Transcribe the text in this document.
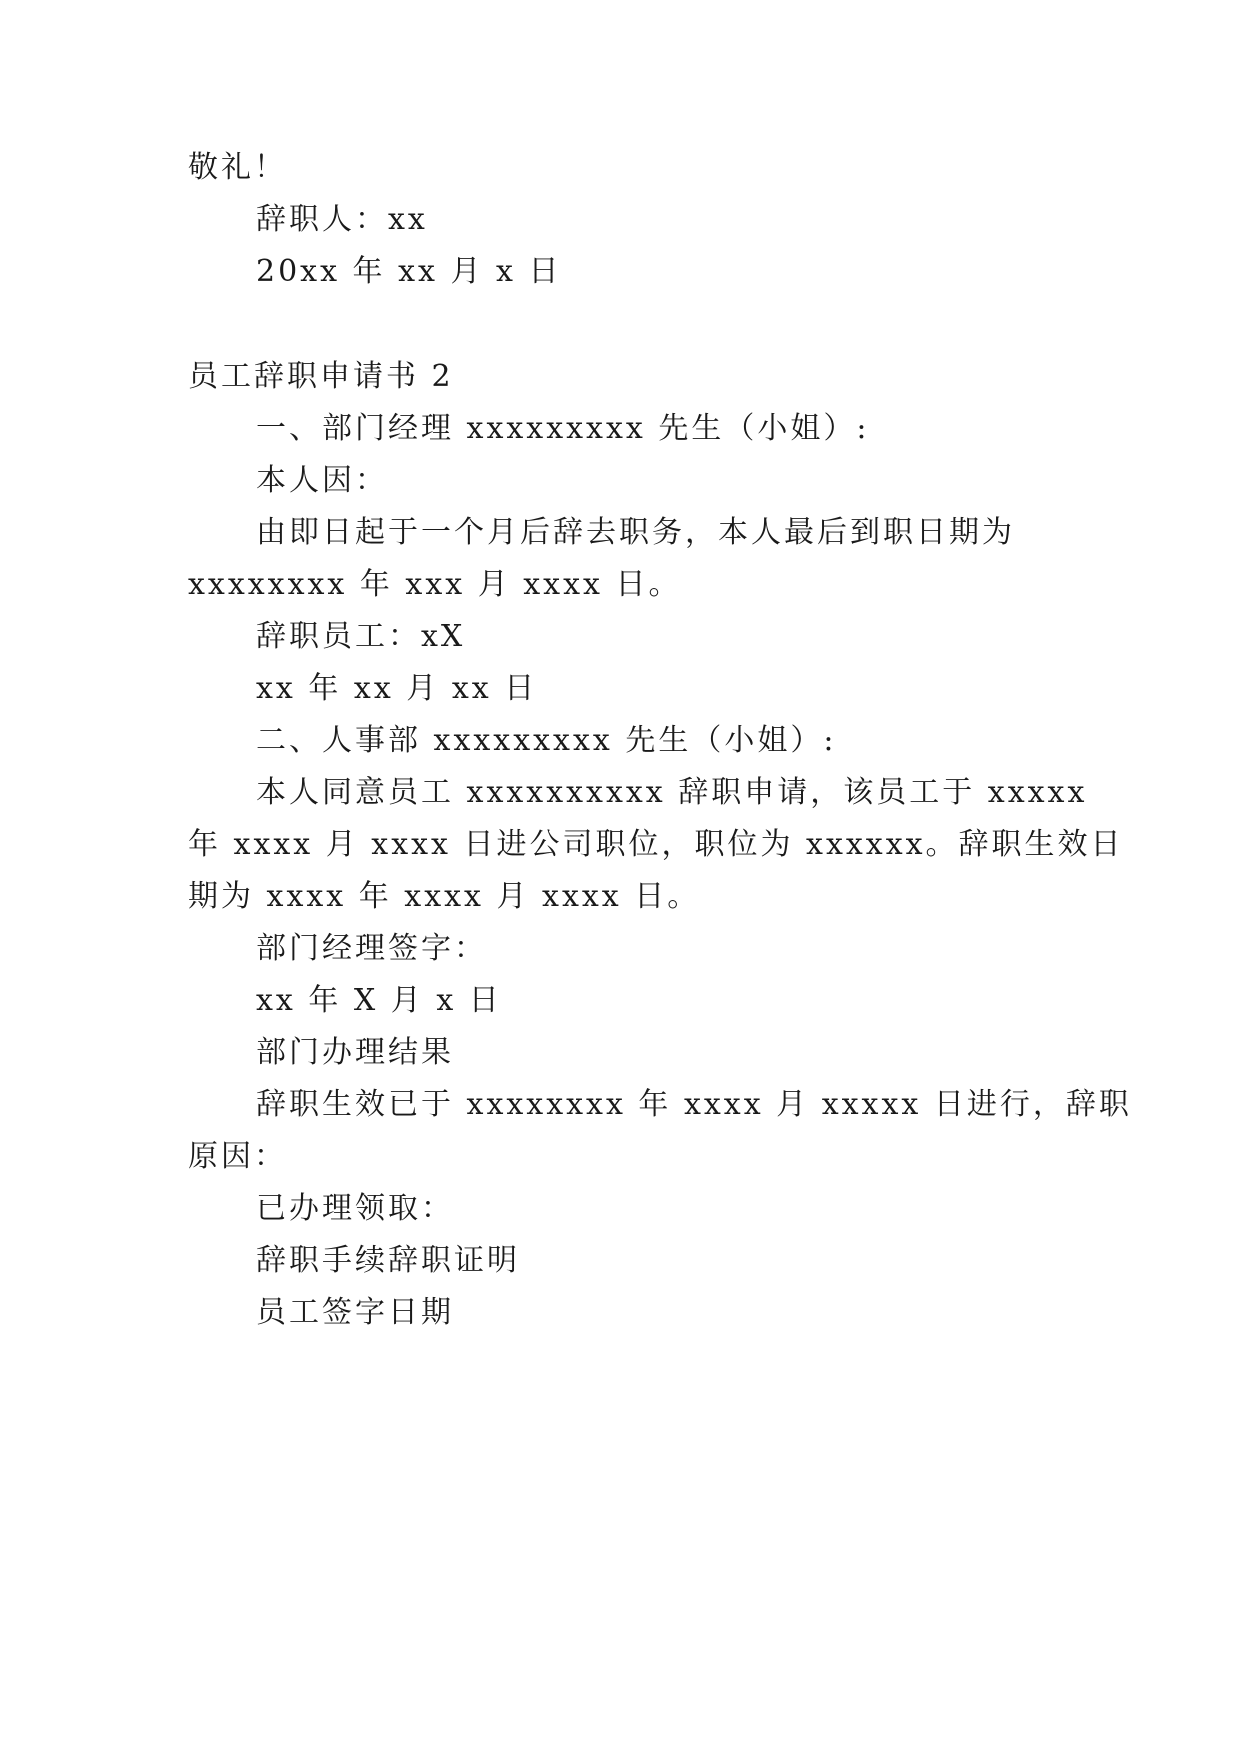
敬礼！
辞职人：xx
20xx 年 xx 月 x 日
员工辞职申请书 2
一、部门经理 xxxxxxxxx 先生（小姐）:
本人因：
由即日起于一个月后辞去职务，本人最后到职日期为
xxxxxxxx 年 xxx 月 xxxx 日。
辞职员工：xX
xx 年 xx 月 xx 日
二、人事部 xxxxxxxxx 先生（小姐）:
本人同意员工 xxxxxxxxxx 辞职申请，该员工于 xxxxx
年 xxxx 月 xxxx 日进公司职位，职位为 xxxxxx。辞职生效日
期为 xxxx 年 xxxx 月 xxxx 日。
部门经理签字：
xx 年 X 月 x 日
部门办理结果
辞职生效已于 xxxxxxxx 年 xxxx 月 xxxxx 日进行，辞职
原因：
已办理领取：
辞职手续辞职证明
员工签字日期
